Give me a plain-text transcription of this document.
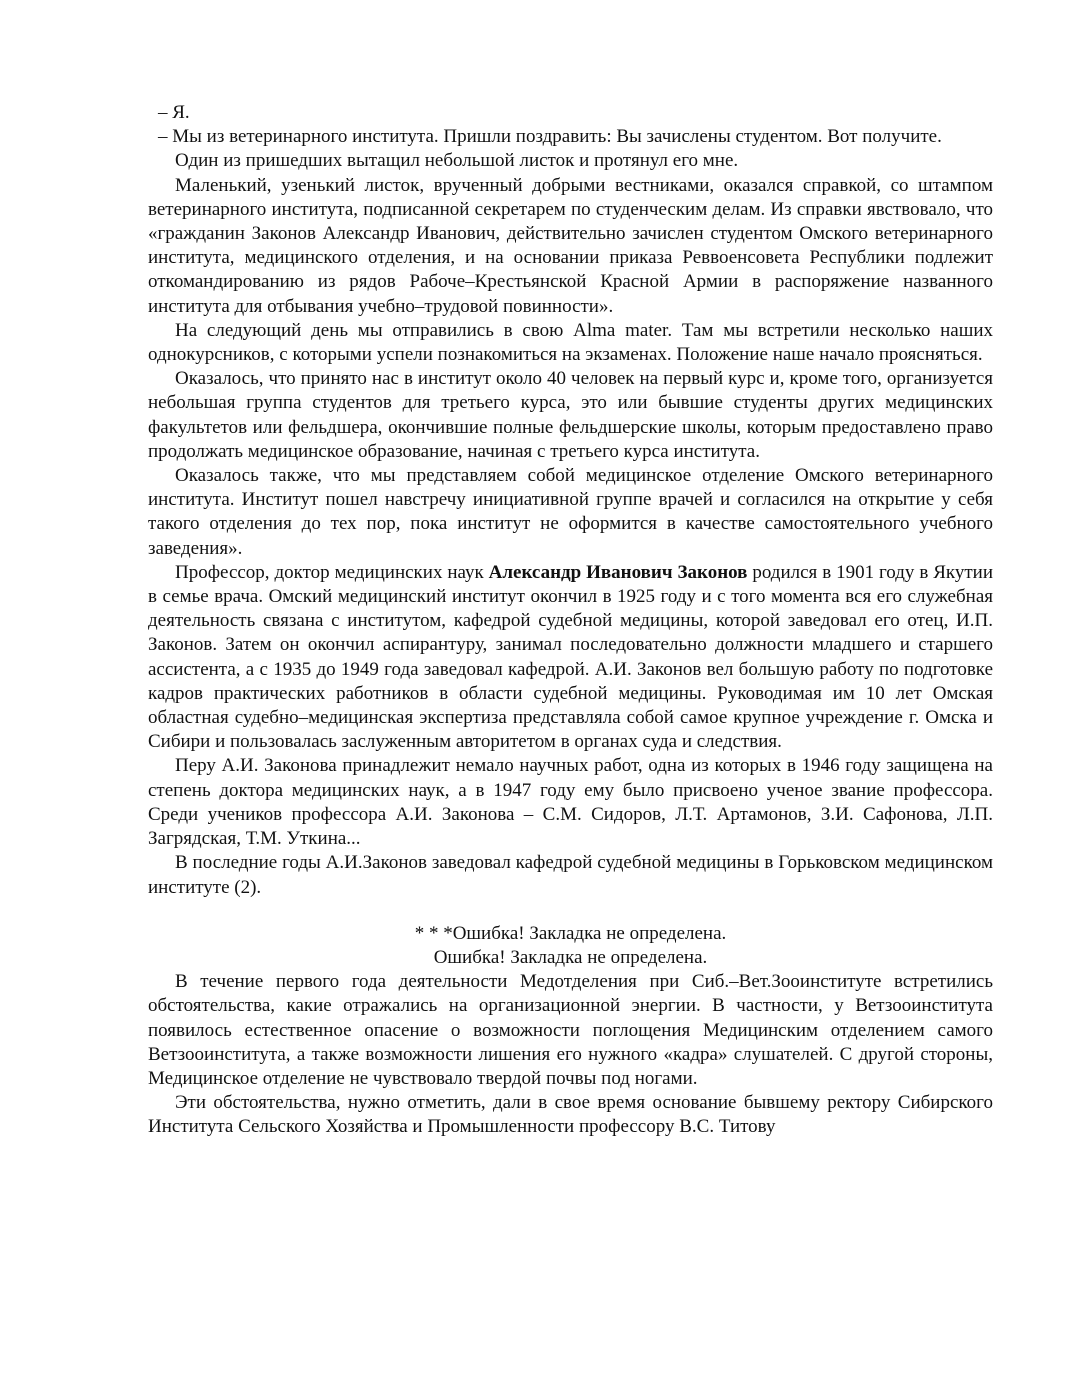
– Я.

– Мы из ветеринарного института. Пришли поздравить: Вы зачислены студентом. Вот получите.

Один из пришедших вытащил небольшой листок и протянул его мне.

Маленький, узенький листок, врученный добрыми вестниками, оказался справкой, со штампом ветеринарного института, подписанной секретарем по студенческим делам. Из справки явствовало, что «гражданин Законов Александр Иванович, действительно зачислен студентом Омского ветеринарного института, медицинского отделения, и на основании приказа Реввоенсовета Республики подлежит откомандированию из рядов Рабоче–Крестьянской Красной Армии в распоряжение названного института для отбывания учебно–трудовой повинности».

На следующий день мы отправились в свою Alma mater. Там мы встретили несколько наших однокурсников, с которыми успели познакомиться на экзаменах. Положение наше начало проясняться.

Оказалось, что принято нас в институт около 40 человек на первый курс и, кроме того, организуется небольшая группа студентов для третьего курса, это или бывшие студенты других медицинских факультетов или фельдшера, окончившие полные фельдшерские школы, которым предоставлено право продолжать медицинское образование, начиная с третьего курса института.

Оказалось также, что мы представляем собой медицинское отделение Омского ветеринарного института. Институт пошел навстречу инициативной группе врачей и согласился на открытие у себя такого отделения до тех пор, пока институт не оформится в качестве самостоятельного учебного заведения».

Профессор, доктор медицинских наук Александр Иванович Законов родился в 1901 году в Якутии в семье врача. Омский медицинский институт окончил в 1925 году и с того момента вся его служебная деятельность связана с институтом, кафедрой судебной медицины, которой заведовал его отец, И.П. Законов. Затем он окончил аспирантуру, занимал последовательно должности младшего и старшего ассистента, а с 1935 до 1949 года заведовал кафедрой. А.И. Законов вел большую работу по подготовке кадров практических работников в области судебной медицины. Руководимая им 10 лет Омская областная судебно–медицинская экспертиза представляла собой самое крупное учреждение г. Омска и Сибири и пользовалась заслуженным авторитетом в органах суда и следствия.

Перу А.И. Законова принадлежит немало научных работ, одна из которых в 1946 году защищена на степень доктора медицинских наук, а в 1947 году ему было присвоено ученое звание профессора. Среди учеников профессора А.И. Законова – С.М. Сидоров, Л.Т. Артамонов, З.И. Сафонова, Л.П. Загрядская, Т.М. Уткина...

В последние годы А.И.Законов заведовал кафедрой судебной медицины в Горьковском медицинском институте (2).

* * *Ошибка! Закладка не определена.

Ошибка! Закладка не определена.

В течение первого года деятельности Медотделения при Сиб.–Вет.Зооинституте встретились обстоятельства, какие отражались на организационной энергии. В частности, у Ветзооинститута появилось естественное опасение о возможности поглощения Медицинским отделением самого Ветзооинститута, а также возможности лишения его нужного «кадра» слушателей. С другой стороны, Медицинское отделение не чувствовало твердой почвы под ногами.

Эти обстоятельства, нужно отметить, дали в свое время основание бывшему ректору Сибирского Института Сельского Хозяйства и Промышленности профессору В.С. Титову
